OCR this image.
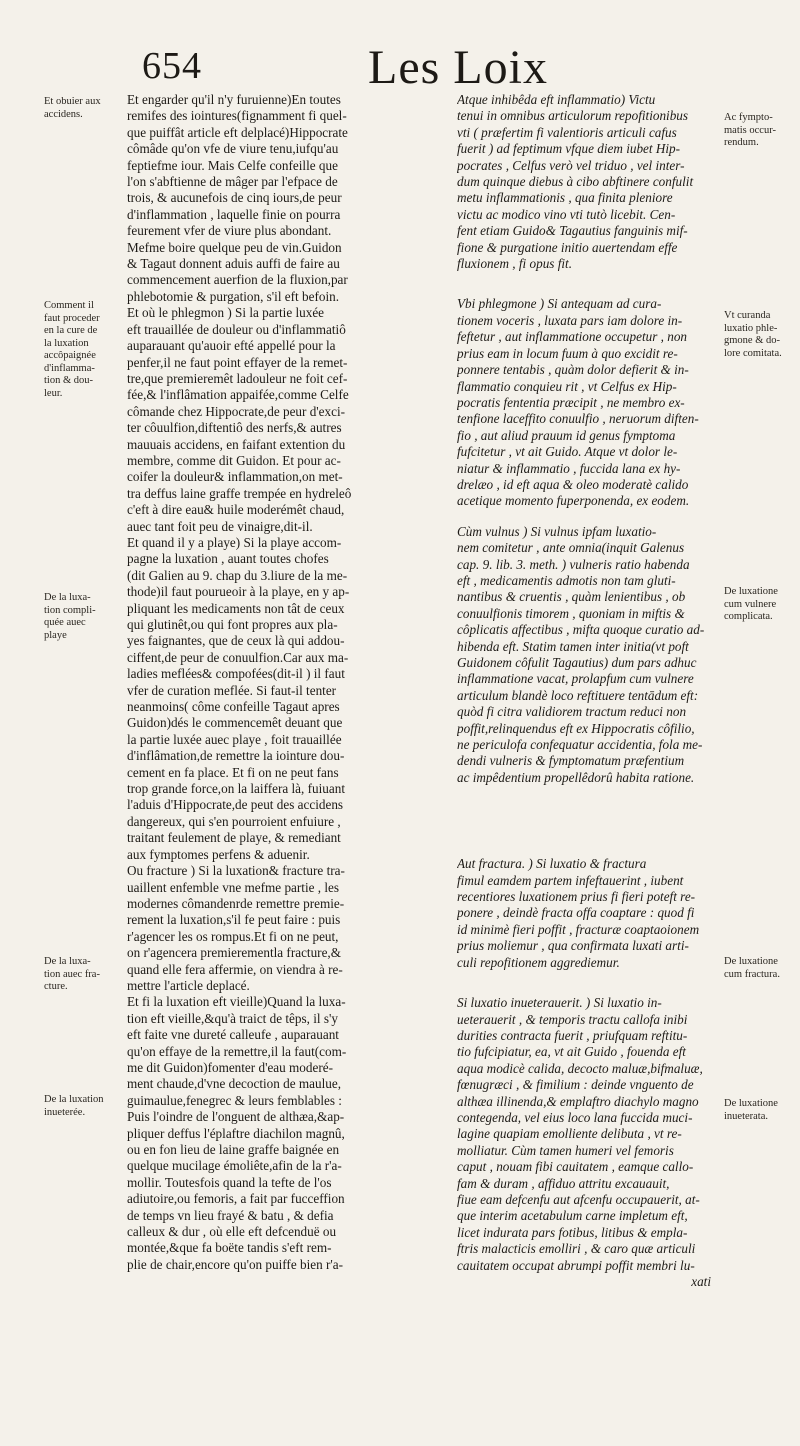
654	Les Loix
Et obuier aux
accidens.
Comment il
faut proceder
en la cure de
la luxation
accôpaignée
d'inflamma-
tion & dou-
leur.
De la luxa-
tion compli-
quée auec
playe
De la luxa-
tion auec fra-
cture.
De la luxation
inueterée.
Ac fympto-
matis occur-
rendum.
Vt curanda
luxatio phle-
gmone & do-
lore comitata.
De luxatione
cum vulnere
complicata.
De luxatione
cum fractura.
De luxatione
inueterata.
Et engarder qu'il n'y furuienne)En toutes
remifes des iointures(fignamment fi quel-
que puiffât article eft delplacé)Hippocrate
cômâde qu'on vfe de viure tenu,iufqu'au
feptiefme iour. Mais Celfe confeille que
l'on s'abftienne de mâger par l'efpace de
trois, & aucunefois de cinq iours,de peur
d'inflammation , laquelle finie on pourra
feurement vfer de viure plus abondant.
Mefme boire quelque peu de vin.Guidon
& Tagaut donnent aduis auffi de faire au
commencement auerfion de la fluxion,par
phlebotomie & purgation, s'il eft befoin.
Et où le phlegmon ) Si la partie luxée
eft trauaillée de douleur ou d'inflammatiô
auparauant qu'auoir efté appellé pour la
penfer,il ne faut point effayer de la remet-
tre,que premieremêt ladouleur ne foit cef-
fée,& l'inflâmation appaifée,comme Celfe
cômande chez Hippocrate,de peur d'exci-
ter côuulfion,diftentiô des nerfs,& autres
mauuais accidens, en faifant extention du
membre, comme dit Guidon. Et pour ac-
coifer la douleur& inflammation,on met-
tra deffus laine graffe trempée en hydreleô
c'eft à dire eau& huile moderémêt chaud,
auec tant foit peu de vinaigre,dit-il.
Et quand il y a playe) Si la playe accom-
pagne la luxation , auant toutes chofes
(dit Galien au 9. chap du 3.liure de la me-
thode)il faut pourueoir à la playe, en y ap-
pliquant les medicaments non tât de ceux
qui glutinêt,ou qui font propres aux pla-
yes faignantes, que de ceux là qui addou-
ciffent,de peur de conuulfion.Car aux ma-
ladies meflées& compofées(dit-il ) il faut
vfer de curation meflée. Si faut-il tenter
neanmoins( côme confeille Tagaut apres
Guidon)dés le commencemêt deuant que
la partie luxée auec playe , foit trauaillée
d'inflâmation,de remettre la iointure dou-
cement en fa place. Et fi on ne peut fans
trop grande force,on la laiffera là, fuiuant
l'aduis d'Hippocrate,de peut des accidens
dangereux, qui s'en pourroient enfuiure ,
traitant feulement de playe, & remediant
aux fymptomes perfens & aduenir.
Ou fracture ) Si la luxation& fracture tra-
uaillent enfemble vne mefme partie , les
modernes cômandenrde remettre premie-
rement la luxation,s'il fe peut faire : puis
r'agencer les os rompus.Et fi on ne peut,
on r'agencera premierementla fracture,&
quand elle fera affermie, on viendra à re-
mettre l'article deplacé.
Et fi la luxation eft vieille)Quand la luxa-
tion eft vieille,&qu'à traict de têps, il s'y
eft faite vne dureté calleufe , auparauant
qu'on effaye de la remettre,il la faut(com-
me dit Guidon)fomenter d'eau moderé-
ment chaude,d'vne decoction de maulue,
guimaulue,fenegrec & leurs femblables :
Puis l'oindre de l'onguent de althæa,&ap-
pliquer deffus l'éplaftre diachilon magnû,
ou en fon lieu de laine graffe baignée en
quelque mucilage émoliête,afin de la r'a-
mollir. Toutesfois quand la tefte de l'os
adiutoire,ou femoris, a fait par fucceffion
de temps vn lieu frayé & batu , & defia
calleux & dur , où elle eft defcenduë ou
montée,&que fa boëte tandis s'eft rem-
plie de chair,encore qu'on puiffe bien r'a-
Atque inhibêda eft inflammatio) Victu
tenui in omnibus articulorum repofitionibus
vti ( præfertim fi valentioris articuli cafus
fuerit ) ad feptimum vfque diem iubet Hip-
pocrates , Celfus verò vel triduo , vel inter-
dum quinque diebus à cibo abftinere confulit
metu inflammationis , qua finita pleniore
victu ac modico vino vti tutò licebit. Cen-
fent etiam Guido& Tagautius fanguinis mif-
fione & purgatione initio auertendam effe
fluxionem , fi opus fit.
Vbi phlegmone ) Si antequam ad cura-
tionem voceris , luxata pars iam dolore in-
feftetur , aut inflammatione occupetur , non
prius eam in locum fuum à quo excidit re-
ponnere tentabis , quàm dolor defierit & in-
flammatio conquieu rit , vt Celfus ex Hip-
pocratis fententia præcipit , ne membro ex-
tenfione laceffito conuulfio , neruorum diften-
fio , aut aliud prauum id genus fymptoma
fufcitetur , vt ait Guido. Atque vt dolor le-
niatur & inflammatio , fuccida lana ex hy-
drelæo , id eft aqua & oleo moderatè calido
acetique momento fuperponenda, ex eodem.
Cùm vulnus ) Si vulnus ipfam luxatio-
nem comitetur , ante omnia(inquit Galenus
cap. 9. lib. 3. meth. ) vulneris ratio habenda
eft , medicamentis admotis non tam gluti-
nantibus & cruentis , quàm lenientibus , ob
conuulfionis timorem , quoniam in miftis &
côplicatis affectibus , mifta quoque curatio ad-
hibenda eft. Statim tamen inter initia(vt poft
Guidonem côfulit Tagautius) dum pars adhuc
inflammatione vacat, prolapfum cum vulnere
articulum blandè loco reftituere tentādum eft:
quòd fi citra validiorem tractum reduci non
poffit,relinquendus eft ex Hippocratis côfilio,
ne periculofa confequatur accidentia, fola me-
dendi vulneris & fymptomatum præfentium
ac impêdentium propellêdorû habita ratione.
Aut fractura. ) Si luxatio & fractura
fimul eamdem partem infeftauerint , iubent
recentiores luxationem prius fi fieri poteft re-
ponere , deindè fracta offa coaptare : quod fi
id minimè fieri poffit , fracturæ coaptaoionem
prius moliemur , qua confirmata luxati arti-
culi repofitionem aggrediemur.
Si luxatio inueterauerit. ) Si luxatio in-
ueterauerit , & temporis tractu callofa inibi
durities contracta fuerit , priufquam reftitu-
tio fufcipiatur, ea, vt ait Guido , fouenda eft
aqua modicè calida, decocto maluæ,bifmaluæ,
fœnugræci , & fimilium : deinde vnguento de
althæa illinenda,& emplaftro diachylo magno
contegenda, vel eius loco lana fuccida muci-
lagine quapiam emolliente delibuta , vt re-
molliatur. Cùm tamen humeri vel femoris
caput , nouam fibi cauitatem , eamque callo-
fam & duram , affiduo attritu excauauit,
fiue eam defcenfu aut afcenfu occupauerit, at-
que interim acetabulum carne impletum eft,
licet indurata pars fotibus, litibus & empla-
ftris malacticis emolliri , & caro quæ articuli
cauitatem occupat abrumpi poffit membri lu-
xati
